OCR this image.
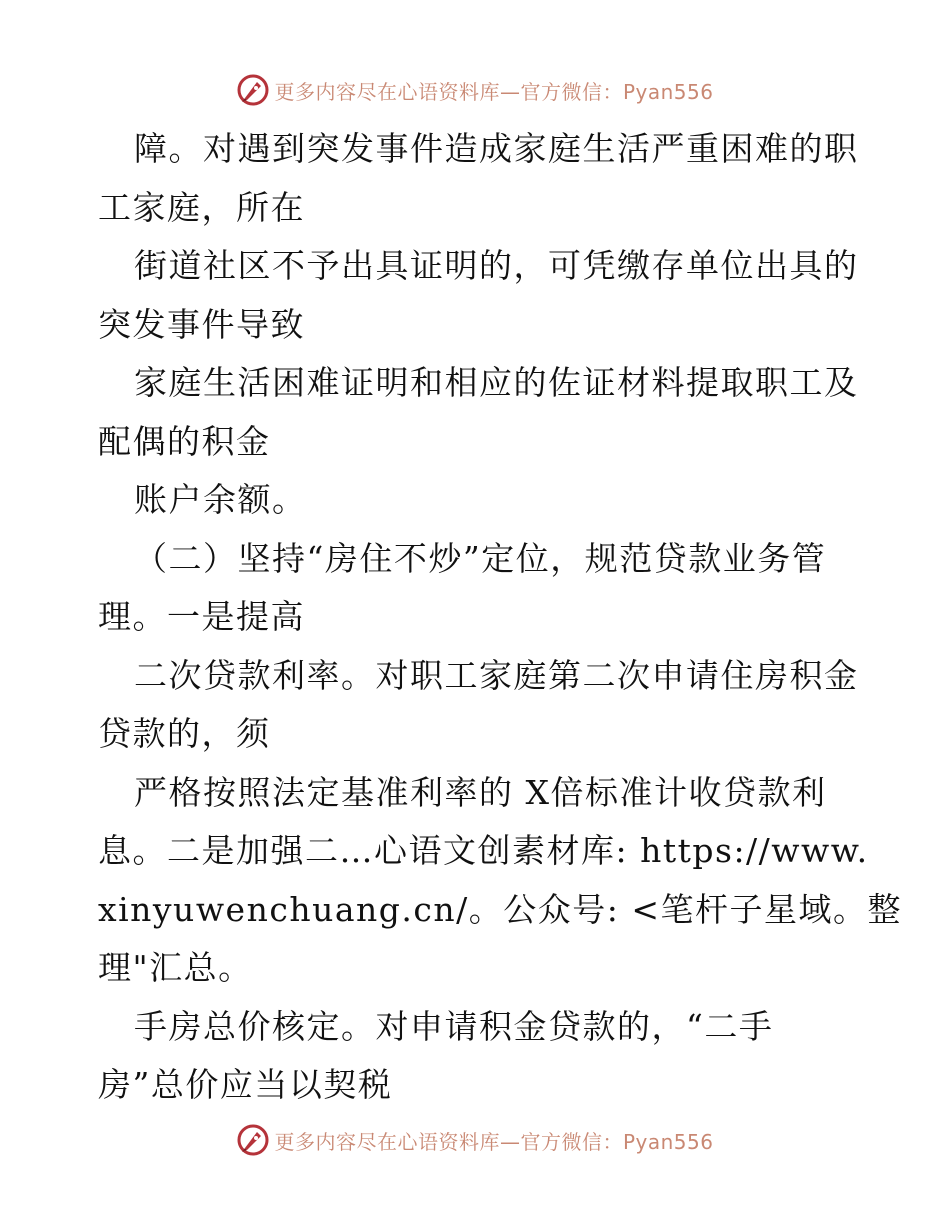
更多内容尽在心语资料库—官方微信：Pyan556
障。对遇到突发事件造成家庭生活严重困难的职
工家庭，所在
街道社区不予出具证明的，可凭缴存单位出具的
突发事件导致
家庭生活困难证明和相应的佐证材料提取职工及
配偶的积金
账户余额。
（二）坚持“房住不炒”定位，规范贷款业务管
理。一是提高
二次贷款利率。对职工家庭第二次申请住房积金
贷款的，须
严格按照法定基准利率的 X倍标准计收贷款利
息。二是加强二…心语文创素材库: https://www.
xinyuwenchuang.cn/。公众号: <笔杆子星域。整
理"汇总。
手房总价核定。对申请积金贷款的，“二手
房”总价应当以契税
更多内容尽在心语资料库—官方微信：Pyan556
